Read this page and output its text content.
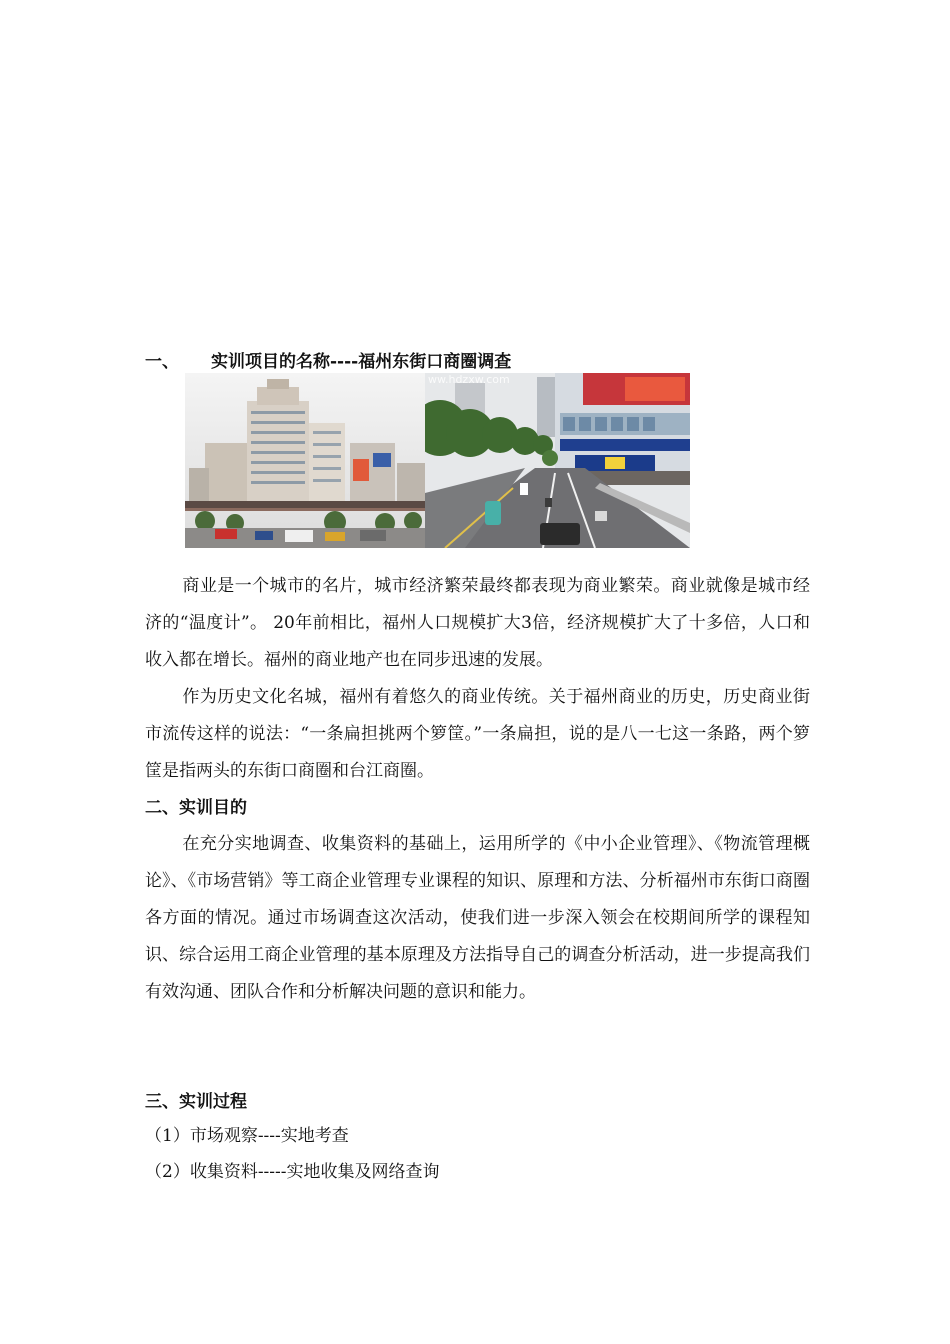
一、 实训项目的名称----福州东街口商圈调查
ww.hdzxw.com
商业是一个城市的名片，城市经济繁荣最终都表现为商业繁荣。商业就像是城市经济的“温度计”。 20年前相比，福州人口规模扩大3倍，经济规模扩大了十多倍，人口和收入都在增长。福州的商业地产也在同步迅速的发展。
作为历史文化名城，福州有着悠久的商业传统。关于福州商业的历史，历史商业街市流传这样的说法：“一条扁担挑两个箩筐。”一条扁担，说的是八一七这一条路，两个箩筐是指两头的东街口商圈和台江商圈。
二、实训目的
在充分实地调查、收集资料的基础上，运用所学的《中小企业管理》、《物流管理概论》、《市场营销》等工商企业管理专业课程的知识、原理和方法、分析福州市东街口商圈各方面的情况。通过市场调查这次活动，使我们进一步深入领会在校期间所学的课程知识、综合运用工商企业管理的基本原理及方法指导自己的调查分析活动，进一步提高我们有效沟通、团队合作和分析解决问题的意识和能力。
三、实训过程
（1）市场观察----实地考查
（2）收集资料-----实地收集及网络查询
